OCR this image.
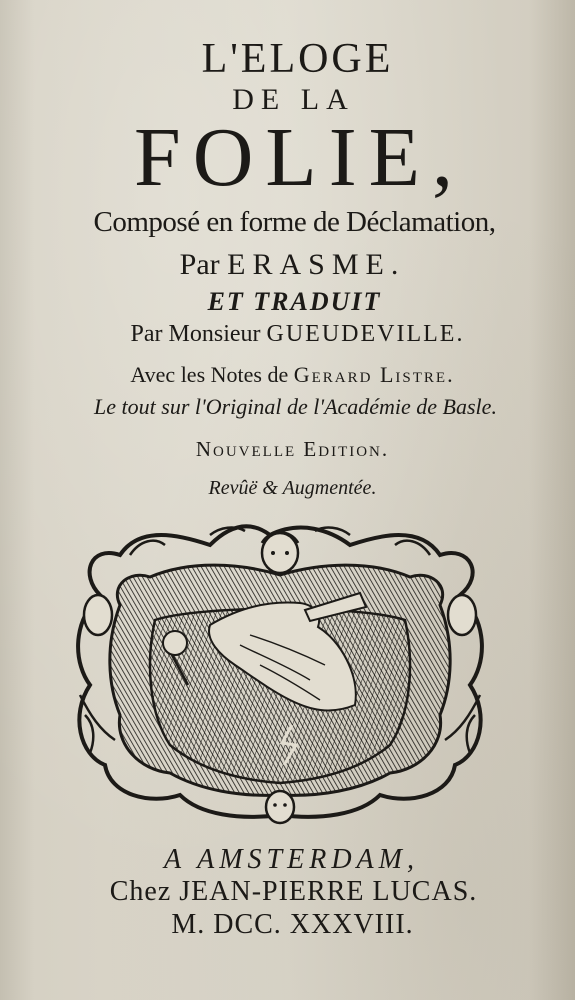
L'ELOGE
DE LA
FOLIE,
Composé en forme de Déclamation,
Par ERASME.
ET TRADUIT
Par Monsieur GUEUDEVILLE.
Avec les Notes de Gerard Listre.
Le tout sur l'Original de l'Académie de Basle.
Nouvelle Edition.
Revûë & Augmentée.
A AMSTERDAM,
Chez JEAN-PIERRE LUCAS.
M. DCC. XXXVIII.
